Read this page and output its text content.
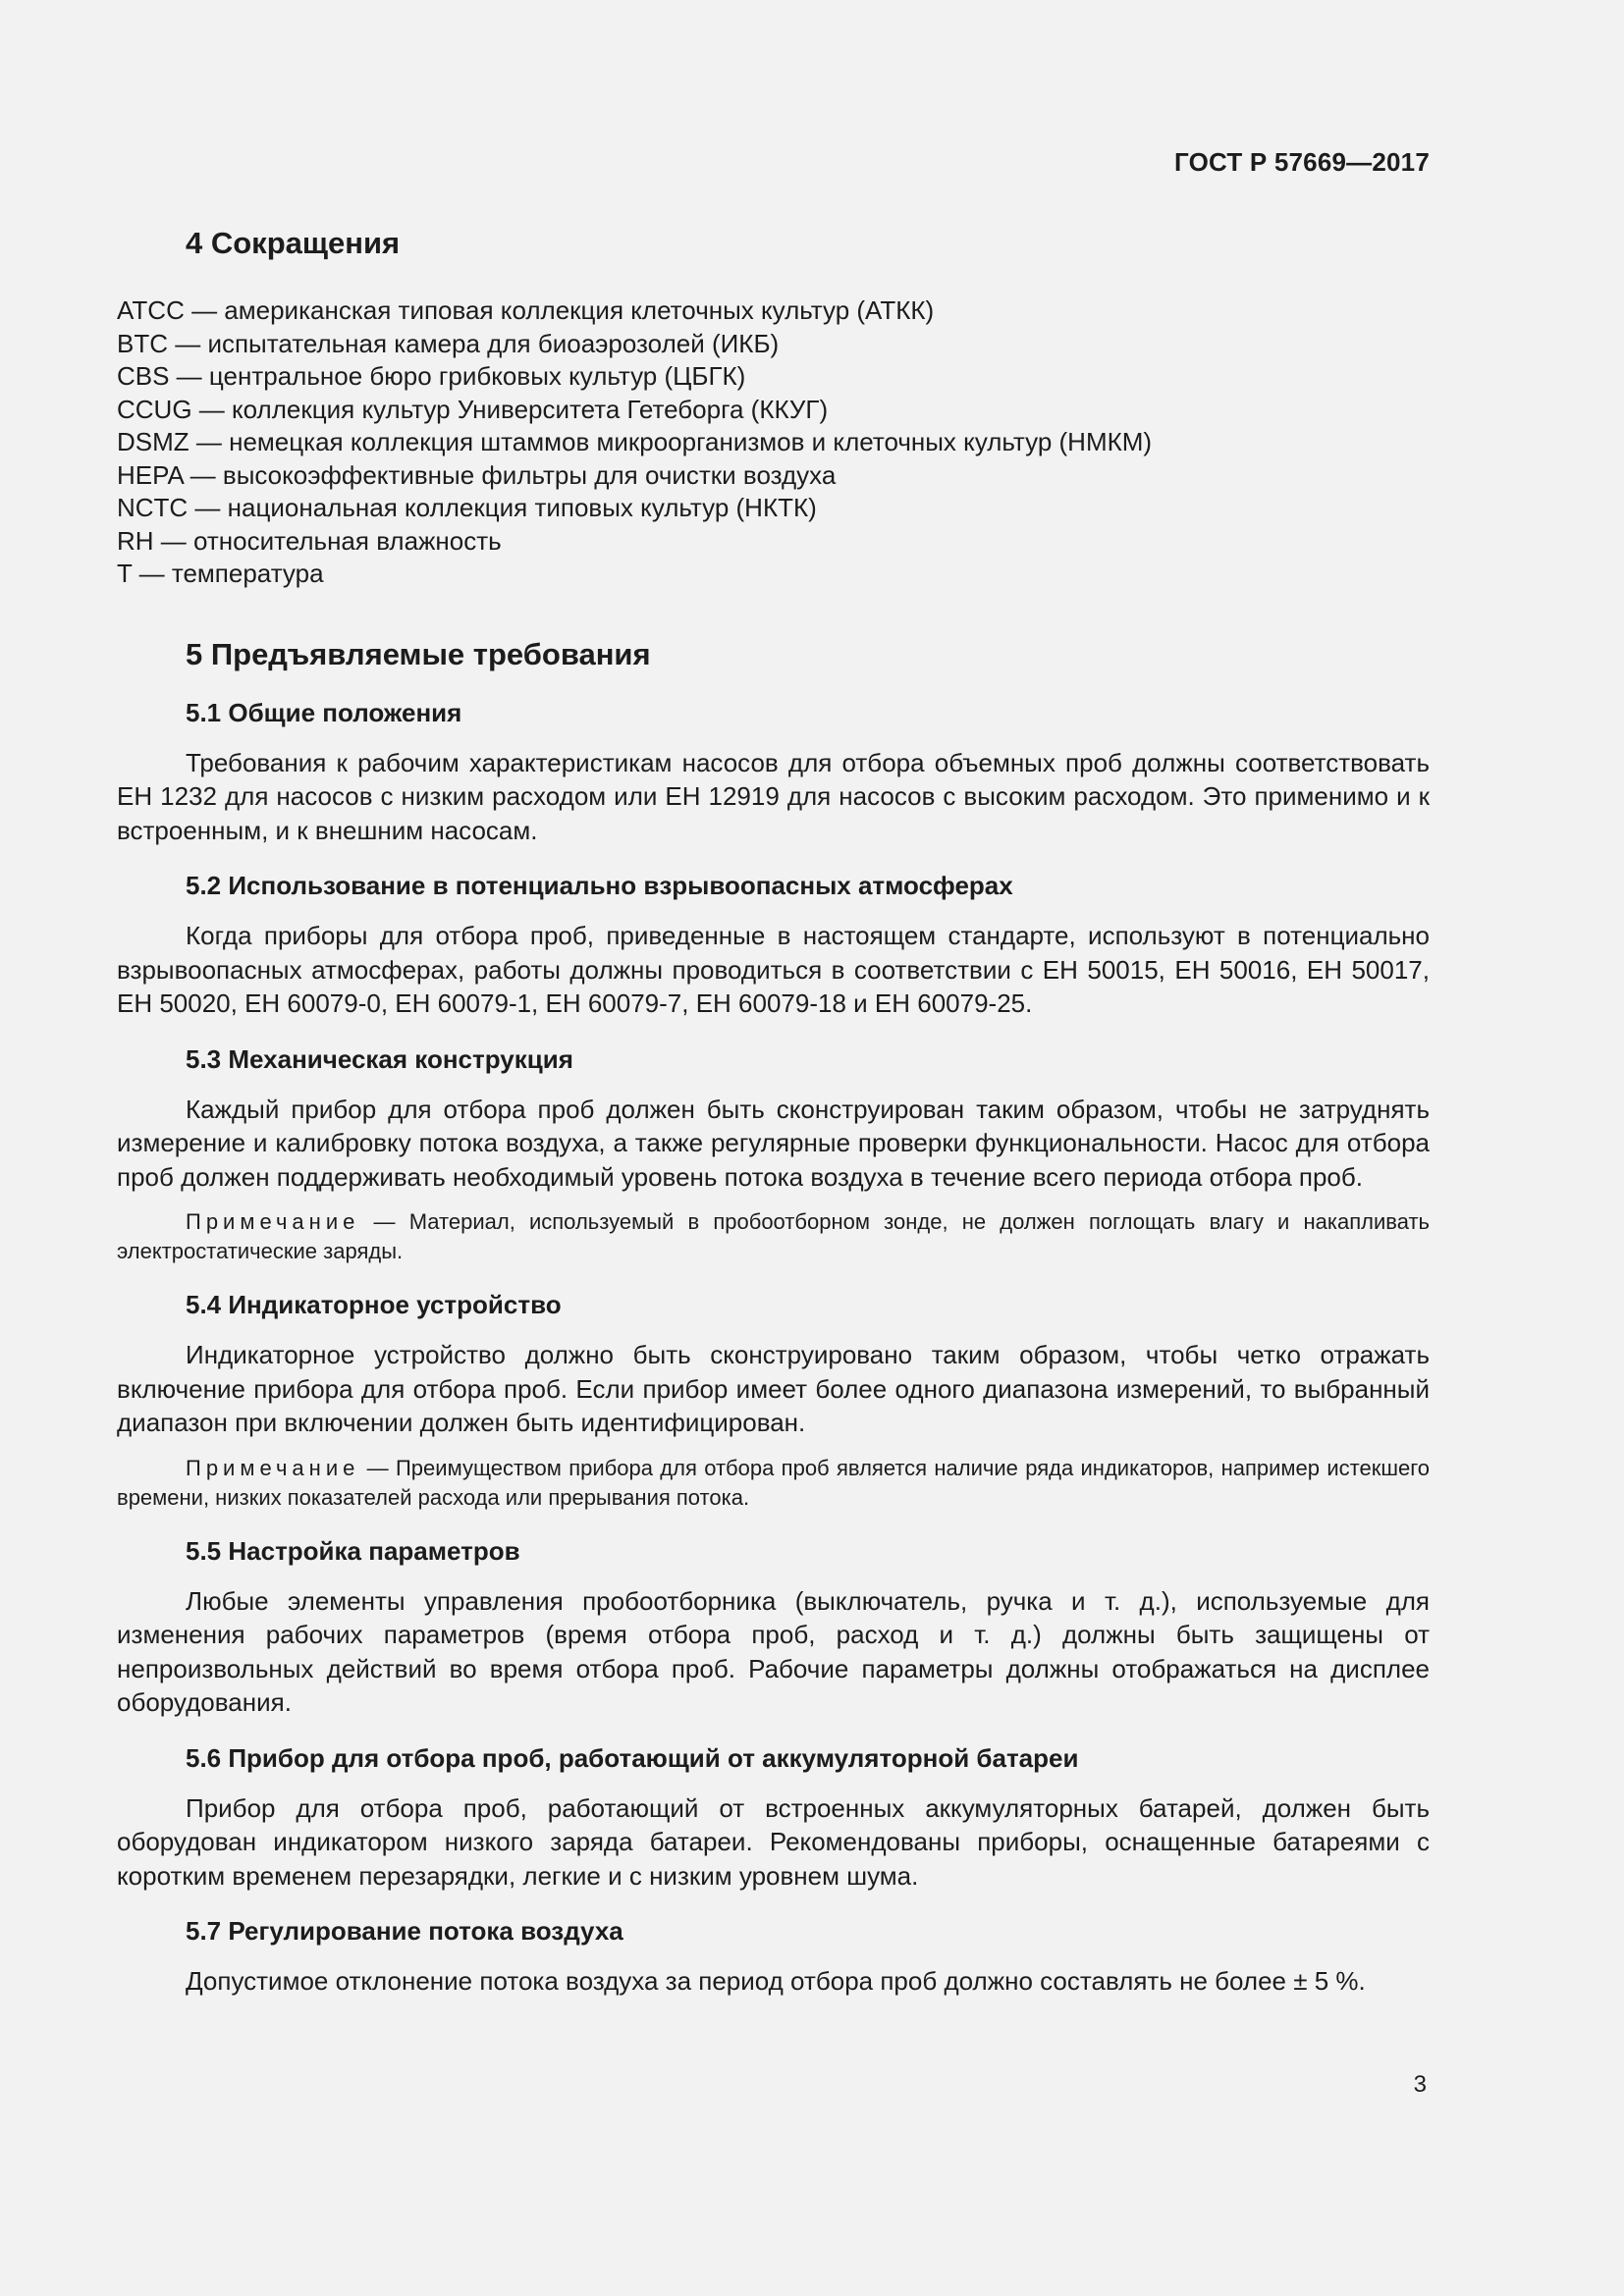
ГОСТ Р 57669—2017
4 Сокращения
ATCC — американская типовая коллекция клеточных культур (АТКК)
BTC — испытательная камера для биоаэрозолей (ИКБ)
CBS — центральное бюро грибковых культур (ЦБГК)
CCUG — коллекция культур Университета Гетеборга (ККУГ)
DSMZ — немецкая коллекция штаммов микроорганизмов и клеточных культур (НМКМ)
HEPA — высокоэффективные фильтры для очистки воздуха
NCTC — национальная коллекция типовых культур (НКТК)
RH — относительная влажность
T — температура
5 Предъявляемые требования
5.1 Общие положения

Требования к рабочим характеристикам насосов для отбора объемных проб должны соответствовать ЕН 1232 для насосов с низким расходом или ЕН 12919 для насосов с высоким расходом. Это применимо и к встроенным, и к внешним насосам.

5.2 Использование в потенциально взрывоопасных атмосферах

Когда приборы для отбора проб, приведенные в настоящем стандарте, используют в потенциально взрывоопасных атмосферах, работы должны проводиться в соответствии с ЕН 50015, ЕН 50016, ЕН 50017, ЕН 50020, ЕН 60079-0, ЕН 60079-1, ЕН 60079-7, ЕН 60079-18 и ЕН 60079-25.

5.3 Механическая конструкция

Каждый прибор для отбора проб должен быть сконструирован таким образом, чтобы не затруднять измерение и калибровку потока воздуха, а также регулярные проверки функциональности. Насос для отбора проб должен поддерживать необходимый уровень потока воздуха в течение всего периода отбора проб.

Примечание — Материал, используемый в пробоотборном зонде, не должен поглощать влагу и накапливать электростатические заряды.

5.4 Индикаторное устройство

Индикаторное устройство должно быть сконструировано таким образом, чтобы четко отражать включение прибора для отбора проб. Если прибор имеет более одного диапазона измерений, то выбранный диапазон при включении должен быть идентифицирован.

Примечание — Преимуществом прибора для отбора проб является наличие ряда индикаторов, например истекшего времени, низких показателей расхода или прерывания потока.

5.5 Настройка параметров

Любые элементы управления пробоотборника (выключатель, ручка и т. д.), используемые для изменения рабочих параметров (время отбора проб, расход и т. д.) должны быть защищены от непроизвольных действий во время отбора проб. Рабочие параметры должны отображаться на дисплее оборудования.

5.6 Прибор для отбора проб, работающий от аккумуляторной батареи

Прибор для отбора проб, работающий от встроенных аккумуляторных батарей, должен быть оборудован индикатором низкого заряда батареи. Рекомендованы приборы, оснащенные батареями с коротким временем перезарядки, легкие и с низким уровнем шума.

5.7 Регулирование потока воздуха

Допустимое отклонение потока воздуха за период отбора проб должно составлять не более ± 5 %.

3
